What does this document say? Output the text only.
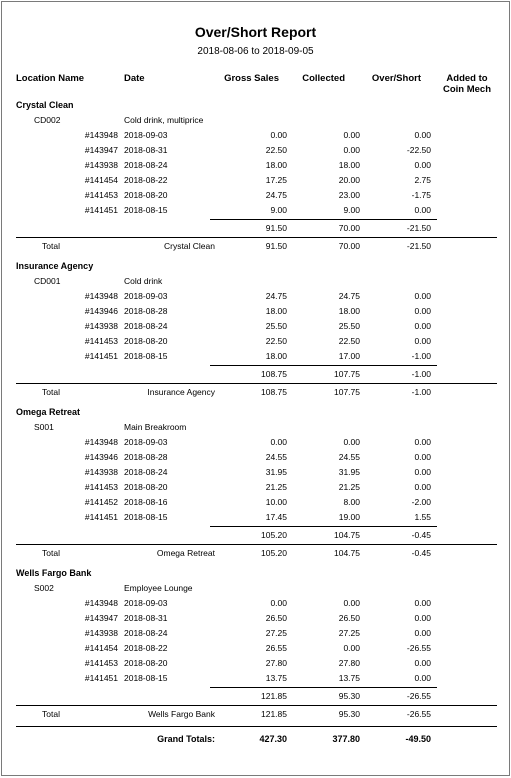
Over/Short Report
2018-08-06 to 2018-09-05
Location Name	Date	Gross Sales	Collected	Over/Short	Added to Coin Mech
Crystal Clean
CD002	Cold drink, multiprice
#143948 2018-09-03	0.00	0.00	0.00
#143947 2018-08-31	22.50	0.00	-22.50
#143938 2018-08-24	18.00	18.00	0.00
#141454 2018-08-22	17.25	20.00	2.75
#141453 2018-08-20	24.75	23.00	-1.75
#141451 2018-08-15	9.00	9.00	0.00
91.50	70.00	-21.50
Total	Crystal Clean	91.50	70.00	-21.50
Insurance Agency
CD001	Cold drink
#143948 2018-09-03	24.75	24.75	0.00
#143946 2018-08-28	18.00	18.00	0.00
#143938 2018-08-24	25.50	25.50	0.00
#141453 2018-08-20	22.50	22.50	0.00
#141451 2018-08-15	18.00	17.00	-1.00
108.75	107.75	-1.00
Total	Insurance Agency	108.75	107.75	-1.00
Omega Retreat
S001	Main Breakroom
#143948 2018-09-03	0.00	0.00	0.00
#143946 2018-08-28	24.55	24.55	0.00
#143938 2018-08-24	31.95	31.95	0.00
#141453 2018-08-20	21.25	21.25	0.00
#141452 2018-08-16	10.00	8.00	-2.00
#141451 2018-08-15	17.45	19.00	1.55
105.20	104.75	-0.45
Total	Omega Retreat	105.20	104.75	-0.45
Wells Fargo Bank
S002	Employee Lounge
#143948 2018-09-03	0.00	0.00	0.00
#143947 2018-08-31	26.50	26.50	0.00
#143938 2018-08-24	27.25	27.25	0.00
#141454 2018-08-22	26.55	0.00	-26.55
#141453 2018-08-20	27.80	27.80	0.00
#141451 2018-08-15	13.75	13.75	0.00
121.85	95.30	-26.55
Total	Wells Fargo Bank	121.85	95.30	-26.55
Grand Totals:	427.30	377.80	-49.50
